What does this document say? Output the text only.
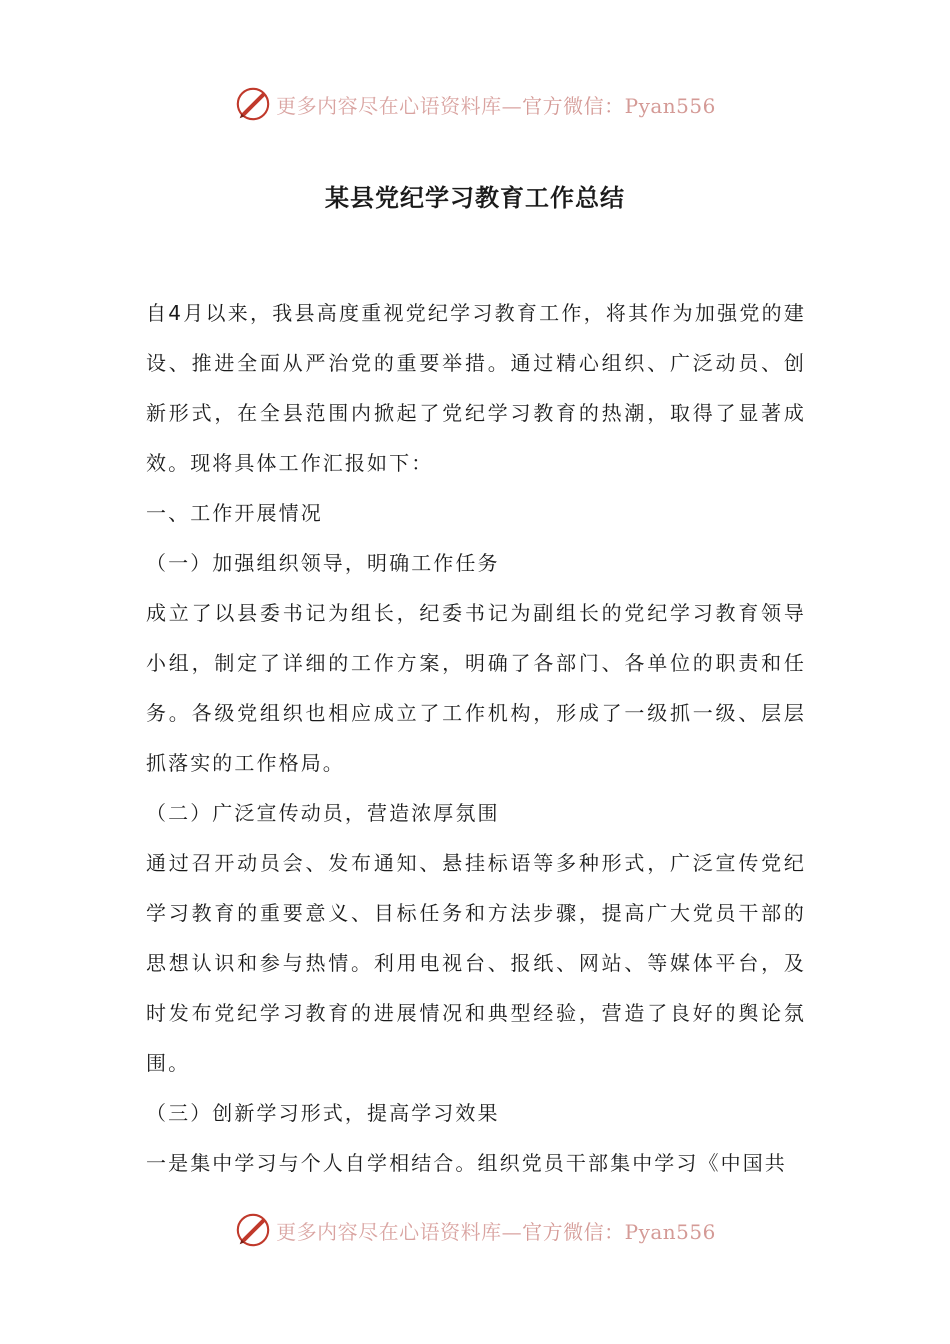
更多内容尽在心语资料库—官方微信：Pyan556
某县党纪学习教育工作总结

自4月以来，我县高度重视党纪学习教育工作，将其作为加强党的建设、推进全面从严治党的重要举措。通过精心组织、广泛动员、创新形式，在全县范围内掀起了党纪学习教育的热潮，取得了显著成效。现将具体工作汇报如下：

一、工作开展情况

（一）加强组织领导，明确工作任务

成立了以县委书记为组长，纪委书记为副组长的党纪学习教育领导小组，制定了详细的工作方案，明确了各部门、各单位的职责和任务。各级党组织也相应成立了工作机构，形成了一级抓一级、层层抓落实的工作格局。

（二）广泛宣传动员，营造浓厚氛围

通过召开动员会、发布通知、悬挂标语等多种形式，广泛宣传党纪学习教育的重要意义、目标任务和方法步骤，提高广大党员干部的思想认识和参与热情。利用电视台、报纸、网站、等媒体平台，及时发布党纪学习教育的进展情况和典型经验，营造了良好的舆论氛围。

（三）创新学习形式，提高学习效果

一是集中学习与个人自学相结合。组织党员干部集中学习《中国共

更多内容尽在心语资料库—官方微信：Pyan556
